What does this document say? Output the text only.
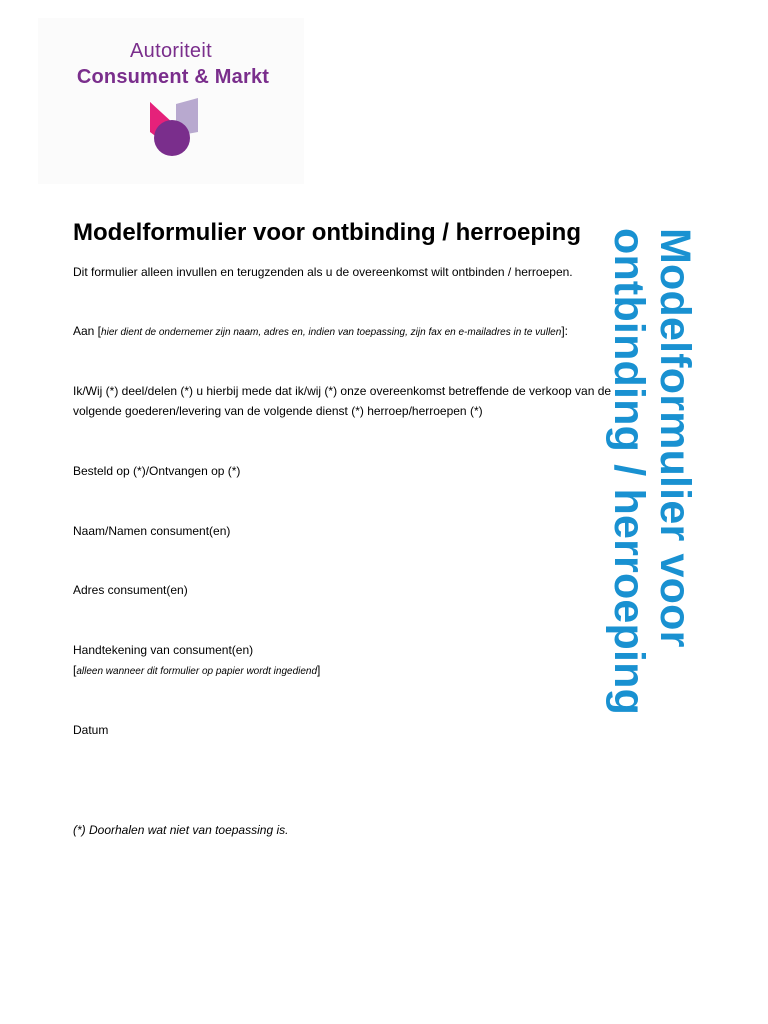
Autoriteit
Consument & Markt
Modelformulier voor ontbinding / herroeping

Dit formulier alleen invullen en terugzenden als u de overeenkomst wilt ontbinden / herroepen.

Aan [hier dient de ondernemer zijn naam, adres en, indien van toepassing, zijn fax en e-mailadres in te vullen]:

Ik/Wij (*) deel/delen (*) u hierbij mede dat ik/wij (*) onze overeenkomst betreffende de verkoop van de

volgende goederen/levering van de volgende dienst (*) herroep/herroepen (*)

Besteld op (*)/Ontvangen op (*)

Naam/Namen consument(en)

Adres consument(en)

Handtekening van consument(en)

[alleen wanneer dit formulier op papier wordt ingediend]

Datum

(*) Doorhalen wat niet van toepassing is.

Modelformulier voor
ontbinding / herroeping
